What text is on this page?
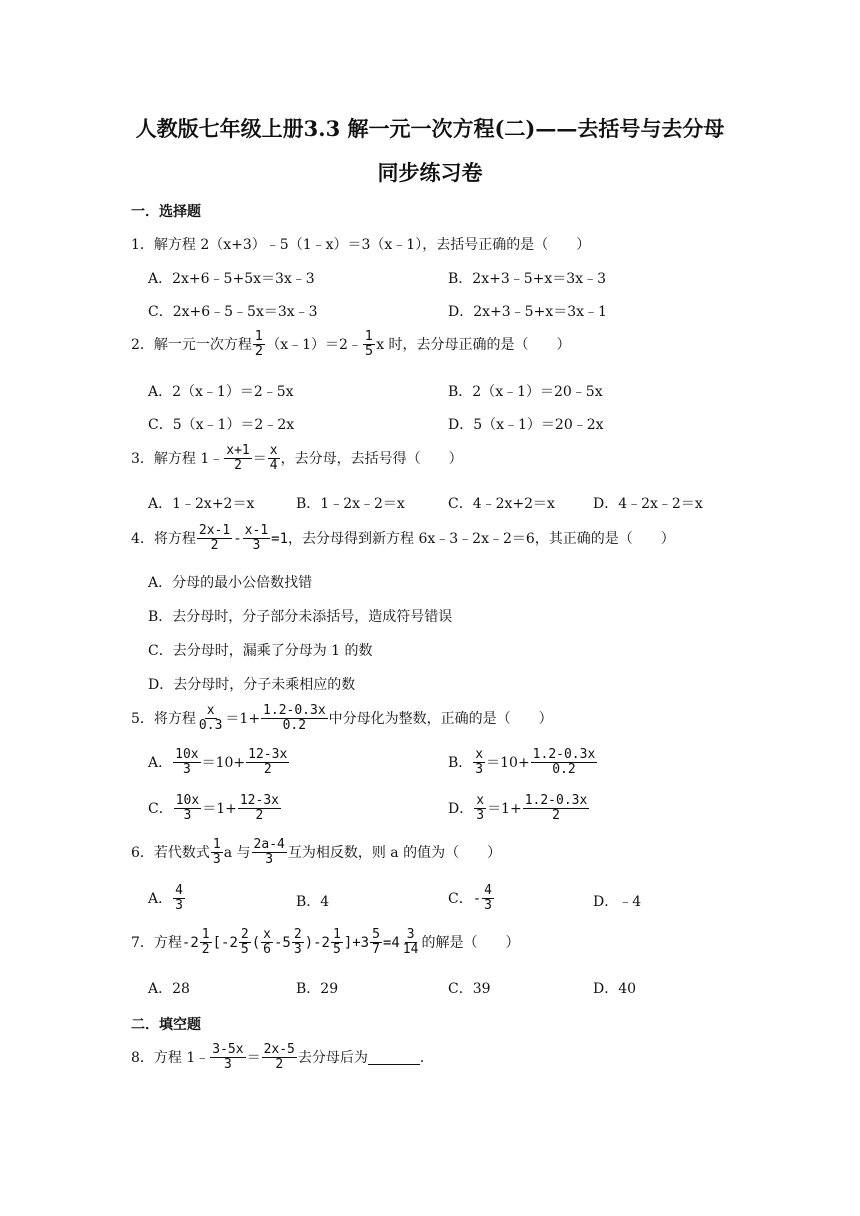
人教版七年级上册3.3 解一元一次方程(二)——去括号与去分母
同步练习卷
一．选择题
1．解方程 2（x+3）﹣5（1﹣x）＝3（x﹣1），去括号正确的是（　　）
A．2x+6﹣5+5x＝3x﹣3	B．2x+3﹣5+x＝3x﹣3
C．2x+6﹣5﹣5x＝3x﹣3	D．2x+3﹣5+x＝3x﹣1
2．解一元一次方程 $\frac{1}{2}$ （x﹣1）＝2﹣ $\frac{1}{5}$ x 时，去分母正确的是（　　）
A．2（x﹣1）＝2﹣5x	B．2（x﹣1）＝20﹣5x
C．5（x﹣1）＝2﹣2x	D．5（x﹣1）＝20﹣2x
3．解方程 1﹣ $\frac{x+1}{2} = \frac{x}{4}$ ，去分母，去括号得（　　）
A．1﹣2x+2＝x	B．1﹣2x﹣2＝x	C．4﹣2x+2＝x	D．4﹣2x﹣2＝x
4．将方程 $\frac{2x-1}{2} - \frac{x-1}{3} =1$ ，去分母得到新方程 6x﹣3﹣2x﹣2＝6，其正确的是（　　）
A．分母的最小公倍数找错
B．去分母时，分子部分未添括号，造成符号错误
C．去分母时，漏乘了分母为 1 的数
D．去分母时，分子未乘相应的数
5．将方程 $\frac{x}{0.3} =1+ \frac{1.2-0.3x}{0.2}$ 中分母化为整数，正确的是（　　）
A． $\frac{10x}{3} =10+ \frac{12-3x}{2}$	B． $\frac{x}{3} =10+ \frac{1.2-0.3x}{0.2}$
C． $\frac{10x}{3} =1+ \frac{12-3x}{2}$	D． $\frac{x}{3} =1+ \frac{1.2-0.3x}{2}$
6．若代数式 $\frac{1}{3}$ a 与 $\frac{2a-4}{3}$ 互为相反数，则 a 的值为（　　）
A． $\frac{4}{3}$	B．4	C． - $\frac{4}{3}$	D．﹣4
7．方程 $-2 \frac{1}{2} [-2 \frac{2}{5}$ ( $\frac{x}{6} -5 \frac{2}{3} )-2 \frac{1}{5} ]+3 \frac{5}{7} =4 \frac{3}{14}$ 的解是（　　）
A．28	B．29	C．39	D．40
二．填空题
8．方程 1﹣ $\frac{3-5x}{3} = \frac{2x-5}{2}$ 去分母后为	．
